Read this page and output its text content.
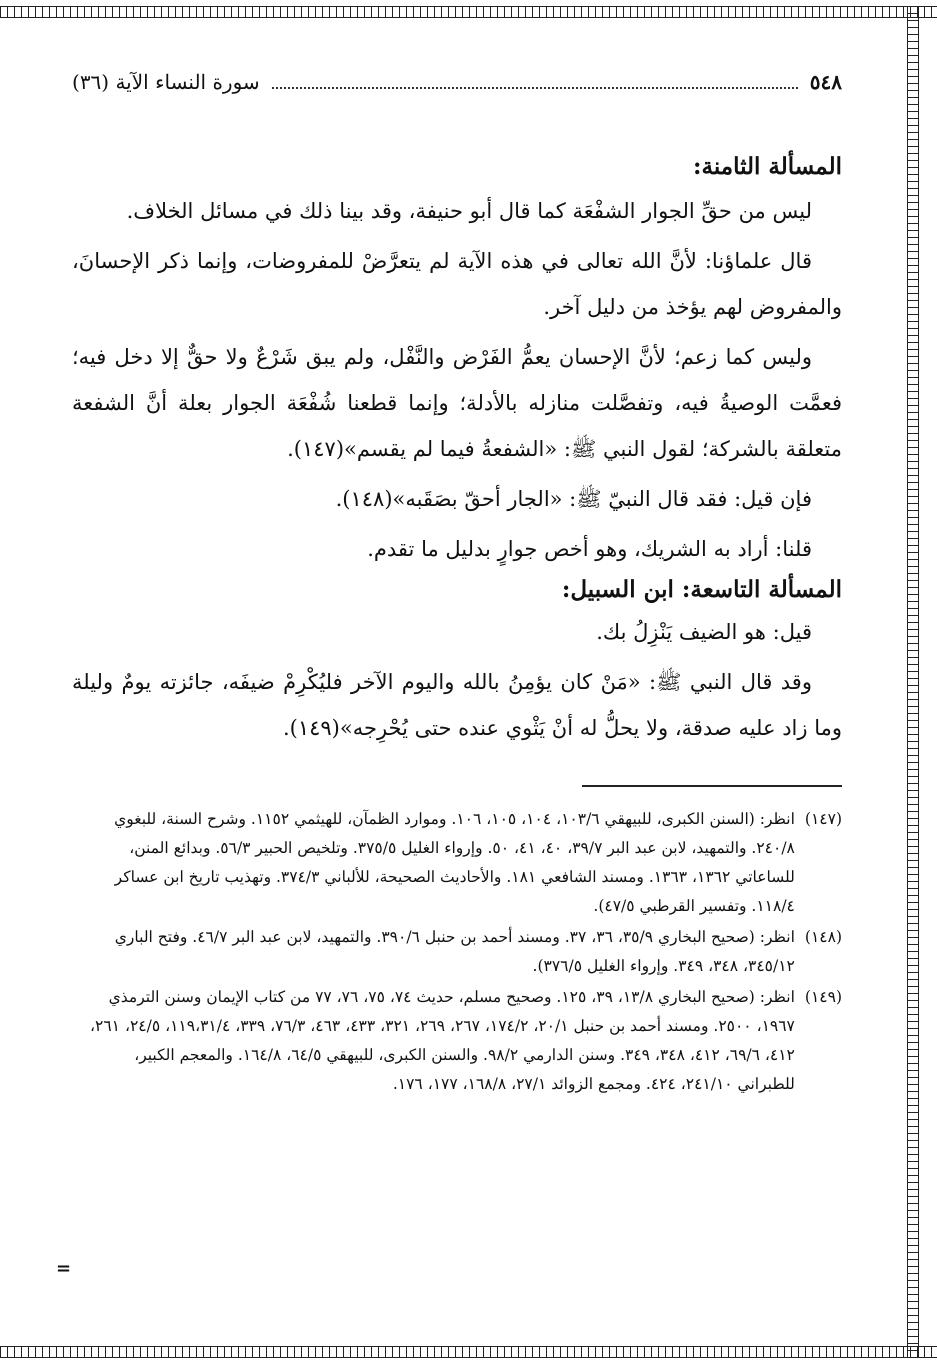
٥٤٨
سورة النساء الآية (٣٦)

المسألة الثامنة:

ليس من حقِّ الجوار الشفْعَة كما قال أبو حنيفة، وقد بينا ذلك في مسائل الخلاف.

قال علماؤنا: لأنَّ الله تعالى في هذه الآية لم يتعرَّضْ للمفروضات، وإنما ذكر الإحسانَ، والمفروض لهم يؤخذ من دليل آخر.

وليس كما زعم؛ لأنَّ الإحسان يعمُّ الفَرْض والنَّفْل، ولم يبق شَرْعٌ ولا حقٌّ إلا دخل فيه؛ فعمَّت الوصيةُ فيه، وتفصَّلت منازله بالأدلة؛ وإنما قطعنا شُفْعَة الجوار بعلة أنَّ الشفعة متعلقة بالشركة؛ لقول النبي ﷺ: «الشفعةُ فيما لم يقسم»(١٤٧).

فإن قيل: فقد قال النبيّ ﷺ: «الجار أحقّ بصَقَبه»(١٤٨).

قلنا: أراد به الشريك، وهو أخص جوارٍ بدليل ما تقدم.

المسألة التاسعة: ابن السبيل:

قيل: هو الضيف يَنْزِلُ بك.

وقد قال النبي ﷺ: «مَنْ كان يؤمِنُ بالله واليوم الآخر فليُكْرِمْ ضيفَه، جائزته يومٌ وليلة وما زاد عليه صدقة، ولا يحلُّ له أنْ يَثْوي عنده حتى يُحْرِجه»(١٤٩).

(١٤٧)
انظر: (السنن الكبرى، للبيهقي ١٠٣/٦، ١٠٤، ١٠٥، ١٠٦. وموارد الظمآن، للهيثمي ١١٥٢. وشرح السنة، للبغوي ٢٤٠/٨. والتمهيد، لابن عبد البر ٣٩/٧، ٤٠، ٤١، ٥٠. وإرواء الغليل ٣٧٥/٥. وتلخيص الحبير ٥٦/٣. وبدائع المنن، للساعاتي ١٣٦٢، ١٣٦٣. ومسند الشافعي ١٨١. والأحاديث الصحيحة، للألباني ٣٧٤/٣. وتهذيب تاريخ ابن عساكر ١١٨/٤. وتفسير القرطبي ٤٧/٥).

(١٤٨)
انظر: (صحيح البخاري ٣٥/٩، ٣٦، ٣٧. ومسند أحمد بن حنبل ٣٩٠/٦. والتمهيد، لابن عبد البر ٤٦/٧. وفتح الباري ٣٤٥/١٢، ٣٤٨، ٣٤٩. وإرواء الغليل ٣٧٦/٥).

(١٤٩)
انظر: (صحيح البخاري ١٣/٨، ٣٩، ١٢٥. وصحيح مسلم، حديث ٧٤، ٧٥، ٧٦، ٧٧ من كتاب الإيمان وسنن الترمذي ١٩٦٧، ٢٥٠٠. ومسند أحمد بن حنبل ٢٠/١، ١٧٤/٢، ٢٦٧، ٢٦٩، ٣٢١، ٤٣٣، ٤٦٣، ٧٦/٣، ٣٣٩، ١١٩،٣١/٤، ٢٤/٥، ٢٦١، ٤١٢، ٦٩/٦، ٤١٢، ٣٤٨، ٣٤٩. وسنن الدارمي ٩٨/٢. والسنن الكبرى، للبيهقي ٦٤/٥، ١٦٤/٨. والمعجم الكبير، للطبراني ٢٤١/١٠، ٤٢٤. ومجمع الزوائد ٢٧/١، ١٦٨/٨، ١٧٧، ١٧٦.

=
